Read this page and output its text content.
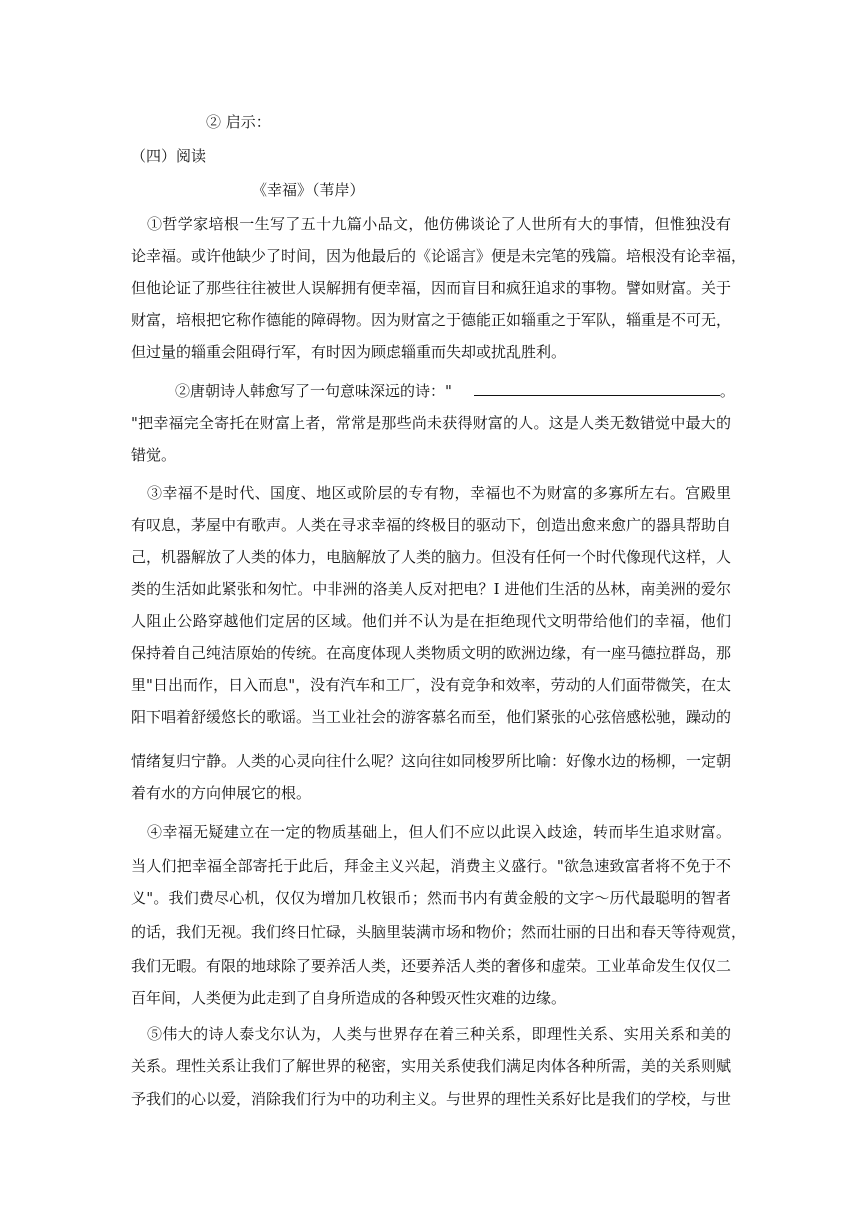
② 启示：
（四）阅读
《幸福》（苇岸）
①哲学家培根一生写了五十九篇小品文，他仿佛谈论了人世所有大的事情，但惟独没有
论幸福。或许他缺少了时间，因为他最后的《论谣言》便是未完笔的残篇。培根没有论幸福，
但他论证了那些往往被世人误解拥有便幸福，因而盲目和疯狂追求的事物。譬如财富。关于
财富，培根把它称作德能的障碍物。因为财富之于德能正如辎重之于军队，辎重是不可无，
但过量的辎重会阻碍行军，有时因为顾虑辎重而失却或扰乱胜利。
②唐朝诗人韩愈写了一句意味深远的诗："	。
"把幸福完全寄托在财富上者，常常是那些尚未获得财富的人。这是人类无数错觉中最大的
错觉。
③幸福不是时代、国度、地区或阶层的专有物，幸福也不为财富的多寡所左右。宫殿里
有叹息，茅屋中有歌声。人类在寻求幸福的终极目的驱动下，创造出愈来愈广的器具帮助自
己，机器解放了人类的体力，电脑解放了人类的脑力。但没有任何一个时代像现代这样，人
类的生活如此紧张和匆忙。中非洲的洛美人反对把电？I 进他们生活的丛林，南美洲的爱尔
人阻止公路穿越他们定居的区域。他们并不认为是在拒绝现代文明带给他们的幸福，他们
保持着自己纯洁原始的传统。在高度体现人类物质文明的欧洲边缘，有一座马德拉群岛，那
里"日出而作，日入而息"，没有汽车和工厂，没有竞争和效率，劳动的人们面带微笑，在太
阳下唱着舒缓悠长的歌谣。当工业社会的游客慕名而至，他们紧张的心弦倍感松驰，躁动的
情绪复归宁静。人类的心灵向往什么呢？这向往如同梭罗所比喻：好像水边的杨柳，一定朝
着有水的方向伸展它的根。
④幸福无疑建立在一定的物质基础上，但人们不应以此误入歧途，转而毕生追求财富。
当人们把幸福全部寄托于此后，拜金主义兴起，消费主义盛行。"欲急速致富者将不免于不
义"。我们费尽心机，仅仅为增加几枚银币；然而书内有黄金般的文字～历代最聪明的智者
的话，我们无视。我们终日忙碌，头脑里装满市场和物价；然而壮丽的日出和春天等待观赏，
我们无暇。有限的地球除了要养活人类，还要养活人类的奢侈和虚荣。工业革命发生仅仅二
百年间，人类便为此走到了自身所造成的各种毁灭性灾难的边缘。
⑤伟大的诗人泰戈尔认为，人类与世界存在着三种关系，即理性关系、实用关系和美的
关系。理性关系让我们了解世界的秘密，实用关系使我们满足肉体各种所需，美的关系则赋
予我们的心以爱，消除我们行为中的功利主义。与世界的理性关系好比是我们的学校，与世
